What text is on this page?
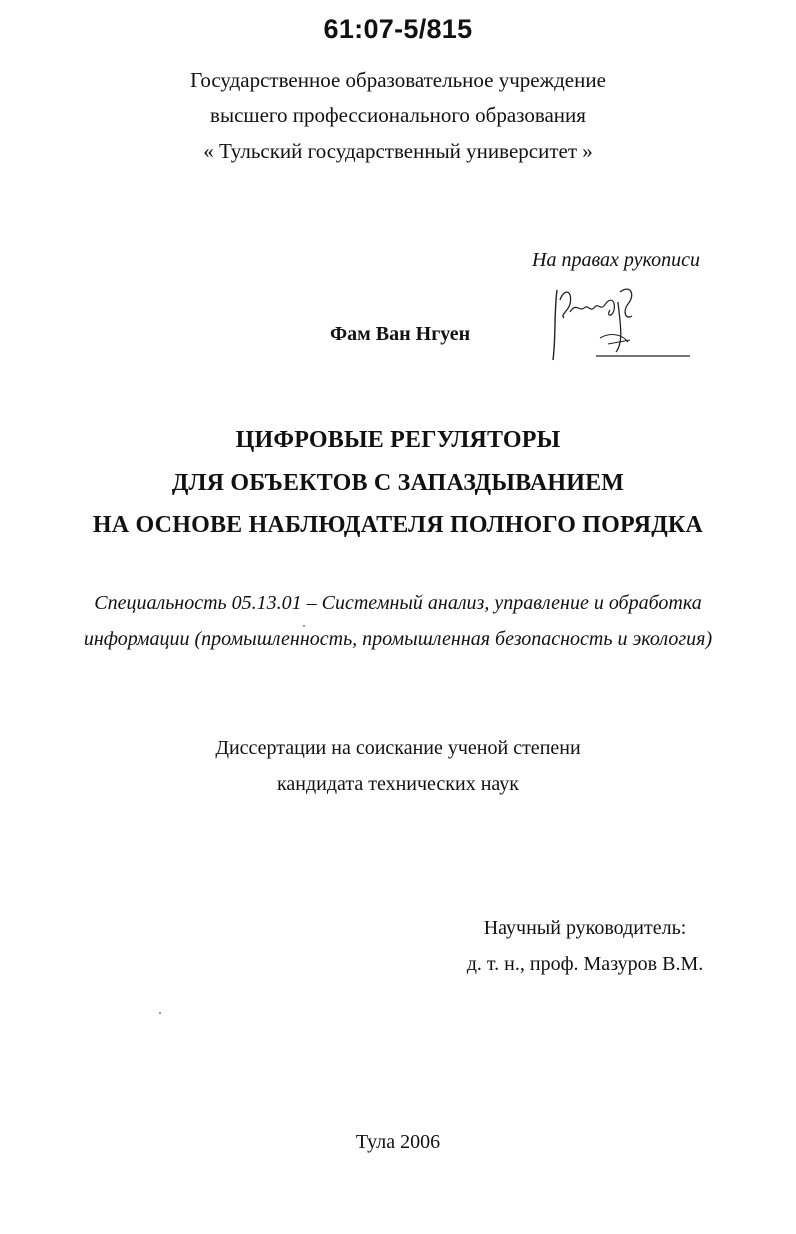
61:07-5/815
Государственное образовательное учреждение
высшего профессионального образования
« Тульский государственный университет »
На правах рукописи
Фам Ван Нгуен
ЦИФРОВЫЕ РЕГУЛЯТОРЫ
ДЛЯ ОБЪЕКТОВ С ЗАПАЗДЫВАНИЕМ
НА ОСНОВЕ НАБЛЮДАТЕЛЯ ПОЛНОГО ПОРЯДКА
Специальность 05.13.01 – Системный анализ, управление и обработка
информации (промышленность, промышленная безопасность и экология)
Диссертации на соискание ученой степени
кандидата технических наук
Научный руководитель:
д. т. н., проф. Мазуров В.М.
Тула 2006
